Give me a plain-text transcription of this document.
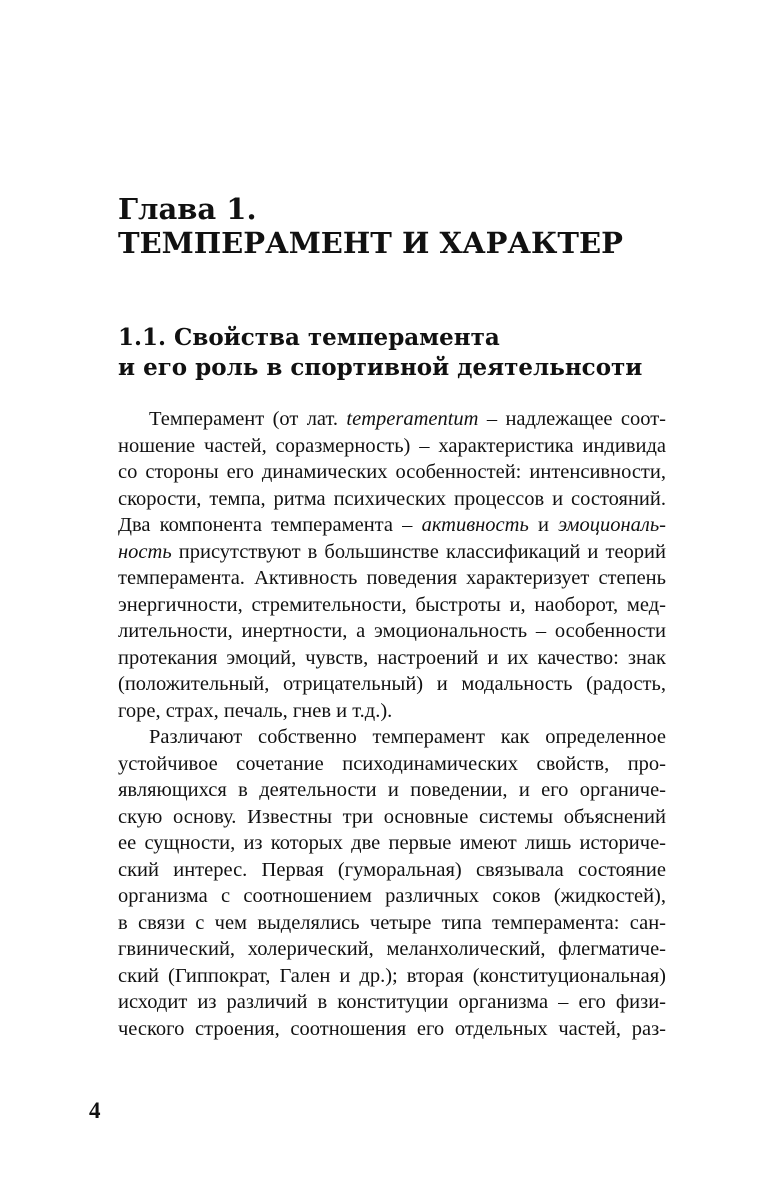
Глава 1.
ТЕМПЕРАМЕНТ И ХАРАКТЕР
1.1. Свойства темперамента
и его роль в спортивной деятельнсоти

Темперамент (от лат. temperamentum – надлежащее соот-
ношение частей, соразмерность) – характеристика индивида
со стороны его динамических особенностей: интенсивности,
скорости, темпа, ритма психических процессов и состояний.
Два компонента темперамента – активность и эмоциональ-
ность присутствуют в большинстве классификаций и теорий
темперамента. Активность поведения характеризует степень
энергичности, стремительности, быстроты и, наоборот, мед-
лительности, инертности, а эмоциональность – особенности
протекания эмоций, чувств, настроений и их качество: знак
(положительный, отрицательный) и модальность (радость,
горе, страх, печаль, гнев и т.д.).

Различают собственно темперамент как определенное
устойчивое сочетание психодинамических свойств, про-
являющихся в деятельности и поведении, и его органиче-
скую основу. Известны три основные системы объяснений
ее сущности, из которых две первые имеют лишь историче-
ский интерес. Первая (гуморальная) связывала состояние
организма с соотношением различных соков (жидкостей),
в связи с чем выделялись четыре типа темперамента: сан-
гвинический, холерический, меланхолический, флегматиче-
ский (Гиппократ, Гален и др.); вторая (конституциональная)
исходит из различий в конституции организма – его физи-
ческого строения, соотношения его отдельных частей, раз-

4
